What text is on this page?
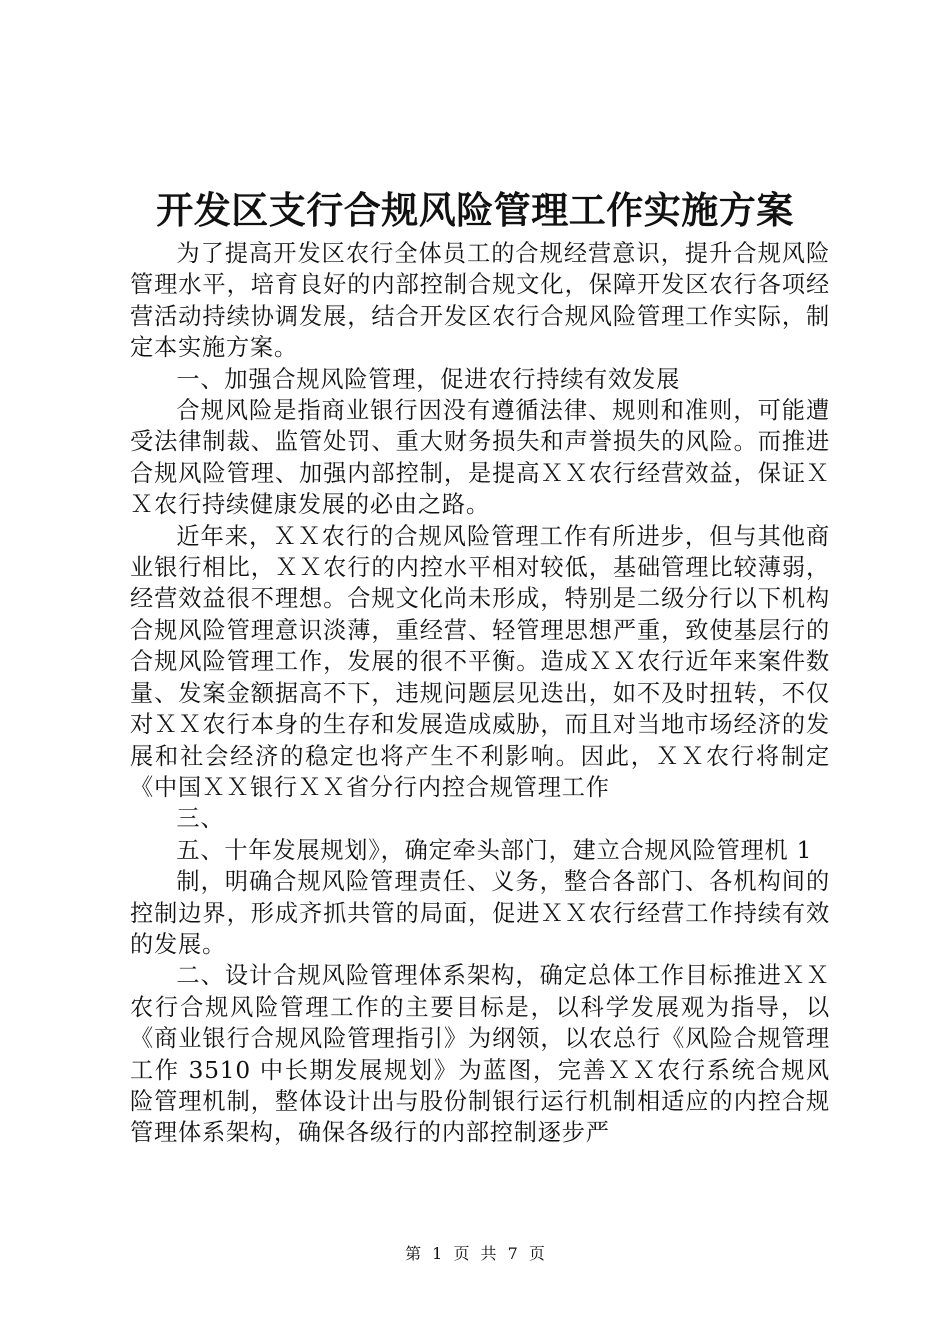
开发区支行合规风险管理工作实施方案

为了提高开发区农行全体员工的合规经营意识，提升合规风险管理水平，培育良好的内部控制合规文化，保障开发区农行各项经营活动持续协调发展，结合开发区农行合规风险管理工作实际，制定本实施方案。

一、加强合规风险管理，促进农行持续有效发展

合规风险是指商业银行因没有遵循法律、规则和准则，可能遭受法律制裁、监管处罚、重大财务损失和声誉损失的风险。而推进合规风险管理、加强内部控制，是提高ＸＸ农行经营效益，保证ＸＸ农行持续健康发展的必由之路。

近年来，ＸＸ农行的合规风险管理工作有所进步，但与其他商业银行相比，ＸＸ农行的内控水平相对较低，基础管理比较薄弱，经营效益很不理想。合规文化尚未形成，特别是二级分行以下机构合规风险管理意识淡薄，重经营、轻管理思想严重，致使基层行的合规风险管理工作，发展的很不平衡。造成ＸＸ农行近年来案件数量、发案金额据高不下，违规问题层见迭出，如不及时扭转，不仅对ＸＸ农行本身的生存和发展造成威胁，而且对当地市场经济的发展和社会经济的稳定也将产生不利影响。因此，ＸＸ农行将制定《中国ＸＸ银行ＸＸ省分行内控合规管理工作

三、

五、十年发展规划》，确定牵头部门，建立合规风险管理机 1

制，明确合规风险管理责任、义务，整合各部门、各机构间的控制边界，形成齐抓共管的局面，促进ＸＸ农行经营工作持续有效的发展。

二、设计合规风险管理体系架构，确定总体工作目标推进ＸＸ农行合规风险管理工作的主要目标是，以科学发展观为指导，以《商业银行合规风险管理指引》为纲领，以农总行《风险合规管理工作 3510 中长期发展规划》为蓝图，完善ＸＸ农行系统合规风险管理机制，整体设计出与股份制银行运行机制相适应的内控合规管理体系架构，确保各级行的内部控制逐步严

第 1 页 共 7 页
